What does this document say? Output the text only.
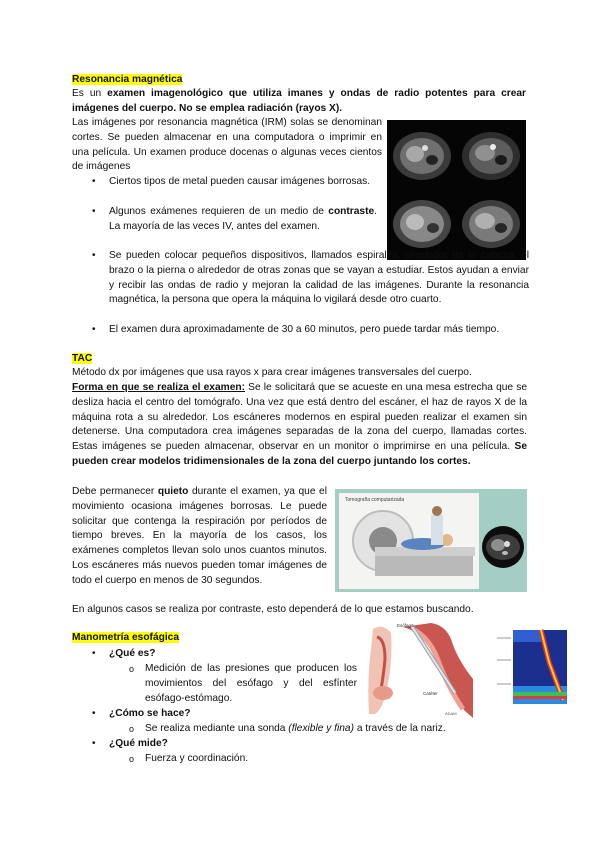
Resonancia magnética
Es un examen imagenológico que utiliza imanes y ondas de radio potentes para crear imágenes del cuerpo. No se emplea radiación (rayos X).
Las imágenes por resonancia magnética (IRM) solas se denominan cortes. Se pueden almacenar en una computadora o imprimir en una película. Un examen produce docenas o algunas veces cientos de imágenes
• Ciertos tipos de metal pueden causar imágenes borrosas.
• Algunos exámenes requieren de un medio de contraste. La mayoría de las veces IV, antes del examen.
• Se pueden colocar pequeños dispositivos, llamados espirales, alrededor de la cabeza, el brazo o la pierna o alrededor de otras zonas que se vayan a estudiar. Estos ayudan a enviar y recibir las ondas de radio y mejoran la calidad de las imágenes. Durante la resonancia magnética, la persona que opera la máquina lo vigilará desde otro cuarto.
• El examen dura aproximadamente de 30 a 60 minutos, pero puede tardar más tiempo.
TAC
Método dx por imágenes que usa rayos x para crear imágenes transversales del cuerpo.
Forma en que se realiza el examen: Se le solicitará que se acueste en una mesa estrecha que se desliza hacia el centro del tomógrafo. Una vez que está dentro del escáner, el haz de rayos X de la máquina rota a su alrededor. Los escáneres modernos en espiral pueden realizar el examen sin detenerse. Una computadora crea imágenes separadas de la zona del cuerpo, llamadas cortes. Estas imágenes se pueden almacenar, observar en un monitor o imprimirse en una película. Se pueden crear modelos tridimensionales de la zona del cuerpo juntando los cortes.
Debe permanecer quieto durante el examen, ya que el movimiento ocasiona imágenes borrosas. Le puede solicitar que contenga la respiración por períodos de tiempo breves. En la mayoría de los casos, los exámenes completos llevan solo unos cuantos minutos. Los escáneres más nuevos pueden tomar imágenes de todo el cuerpo en menos de 30 segundos.
Tomografía computarizada
En algunos casos se realiza por contraste, esto dependerá de lo que estamos buscando.
Manometría esofágica
• ¿Qué es?
o Medición de las presiones que producen los movimientos del esófago y del esfínter esófago-estómago.
• ¿Cómo se hace?
o Se realiza mediante una sonda (flexible y fina) a través de la nariz.
• ¿Qué mide?
o Fuerza y coordinación.
Esófago
Catéter
ADAM
